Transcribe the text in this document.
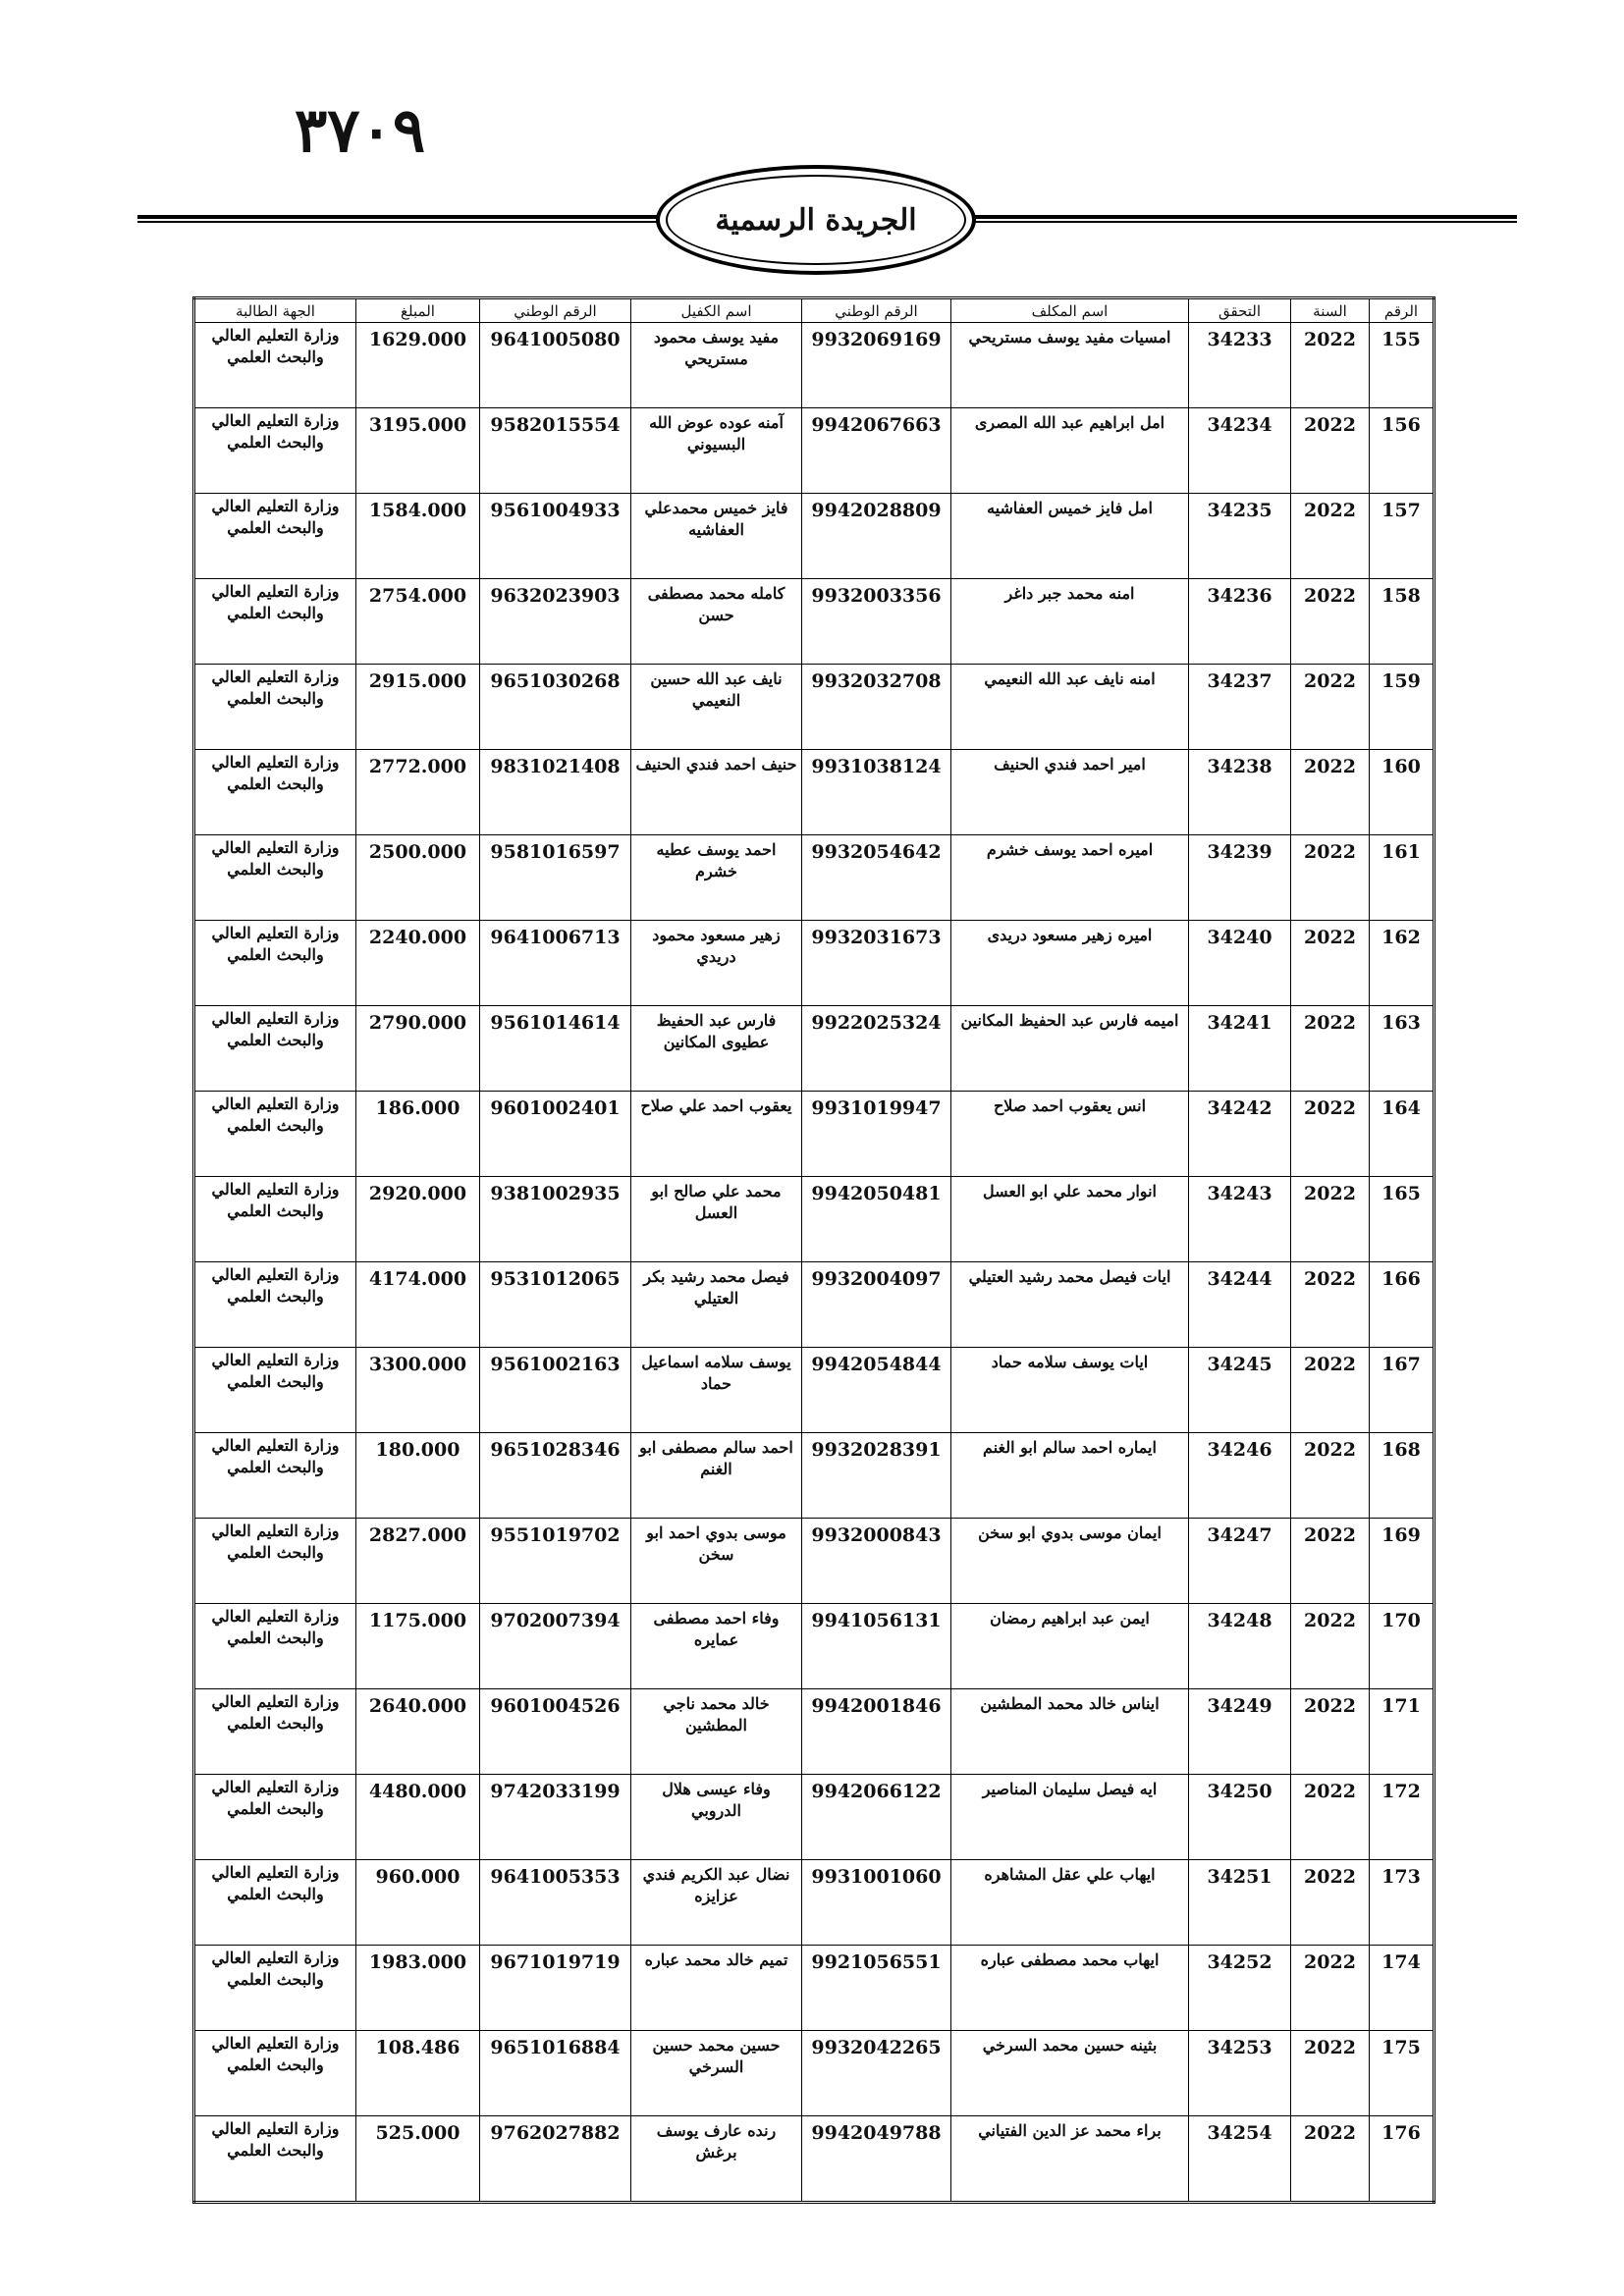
٣٧٠٩
الجريدة الرسمية
الرقم	السنة	التحقق	اسم المكلف	الرقم الوطني	اسم الكفيل	الرقم الوطني	المبلغ	الجهة الطالبة
155	2022	34233	امسيات مفيد يوسف مستريحي	9932069169	مفيد يوسف محمود مستريحي	9641005080	1629.000	وزارة التعليم العالي والبحث العلمي
156	2022	34234	امل ابراهيم عبد الله المصرى	9942067663	آمنه عوده عوض الله البسيوني	9582015554	3195.000	وزارة التعليم العالي والبحث العلمي
157	2022	34235	امل فايز خميس العفاشيه	9942028809	فايز خميس محمدعلي العفاشيه	9561004933	1584.000	وزارة التعليم العالي والبحث العلمي
158	2022	34236	امنه محمد جبر داغر	9932003356	كامله محمد مصطفى حسن	9632023903	2754.000	وزارة التعليم العالي والبحث العلمي
159	2022	34237	امنه نايف عبد الله النعيمي	9932032708	نايف عبد الله حسين النعيمي	9651030268	2915.000	وزارة التعليم العالي والبحث العلمي
160	2022	34238	امير احمد فندي الحنيف	9931038124	حنيف احمد فندي الحنيف	9831021408	2772.000	وزارة التعليم العالي والبحث العلمي
161	2022	34239	اميره احمد يوسف خشرم	9932054642	احمد يوسف عطيه خشرم	9581016597	2500.000	وزارة التعليم العالي والبحث العلمي
162	2022	34240	اميره زهير مسعود دريدى	9932031673	زهير مسعود محمود دريدي	9641006713	2240.000	وزارة التعليم العالي والبحث العلمي
163	2022	34241	اميمه فارس عبد الحفيظ المكانين	9922025324	فارس عبد الحفيظ عطيوى المكانين	9561014614	2790.000	وزارة التعليم العالي والبحث العلمي
164	2022	34242	انس يعقوب احمد صلاح	9931019947	يعقوب احمد علي صلاح	9601002401	186.000	وزارة التعليم العالي والبحث العلمي
165	2022	34243	انوار محمد علي ابو العسل	9942050481	محمد علي صالح ابو العسل	9381002935	2920.000	وزارة التعليم العالي والبحث العلمي
166	2022	34244	ايات فيصل محمد رشيد العتيلي	9932004097	فيصل محمد رشيد بكر العتيلي	9531012065	4174.000	وزارة التعليم العالي والبحث العلمي
167	2022	34245	ايات يوسف سلامه حماد	9942054844	يوسف سلامه اسماعيل حماد	9561002163	3300.000	وزارة التعليم العالي والبحث العلمي
168	2022	34246	ايماره احمد سالم ابو الغنم	9932028391	احمد سالم مصطفى ابو الغنم	9651028346	180.000	وزارة التعليم العالي والبحث العلمي
169	2022	34247	ايمان موسى بدوي ابو سخن	9932000843	موسى بدوي احمد ابو سخن	9551019702	2827.000	وزارة التعليم العالي والبحث العلمي
170	2022	34248	ايمن عبد ابراهيم رمضان	9941056131	وفاء احمد مصطفى عمايره	9702007394	1175.000	وزارة التعليم العالي والبحث العلمي
171	2022	34249	ايناس خالد محمد المطشين	9942001846	خالد محمد ناجي المطشين	9601004526	2640.000	وزارة التعليم العالي والبحث العلمي
172	2022	34250	ايه فيصل سليمان المناصير	9942066122	وفاء عيسى هلال الدروبي	9742033199	4480.000	وزارة التعليم العالي والبحث العلمي
173	2022	34251	ايهاب علي عقل المشاهره	9931001060	نضال عبد الكريم فندي عزايزه	9641005353	960.000	وزارة التعليم العالي والبحث العلمي
174	2022	34252	ايهاب محمد مصطفى عباره	9921056551	تميم خالد محمد عباره	9671019719	1983.000	وزارة التعليم العالي والبحث العلمي
175	2022	34253	بثينه حسين محمد السرخي	9932042265	حسين محمد حسين السرخي	9651016884	108.486	وزارة التعليم العالي والبحث العلمي
176	2022	34254	براء محمد عز الدين الفتياني	9942049788	رنده عارف يوسف برغش	9762027882	525.000	وزارة التعليم العالي والبحث العلمي
